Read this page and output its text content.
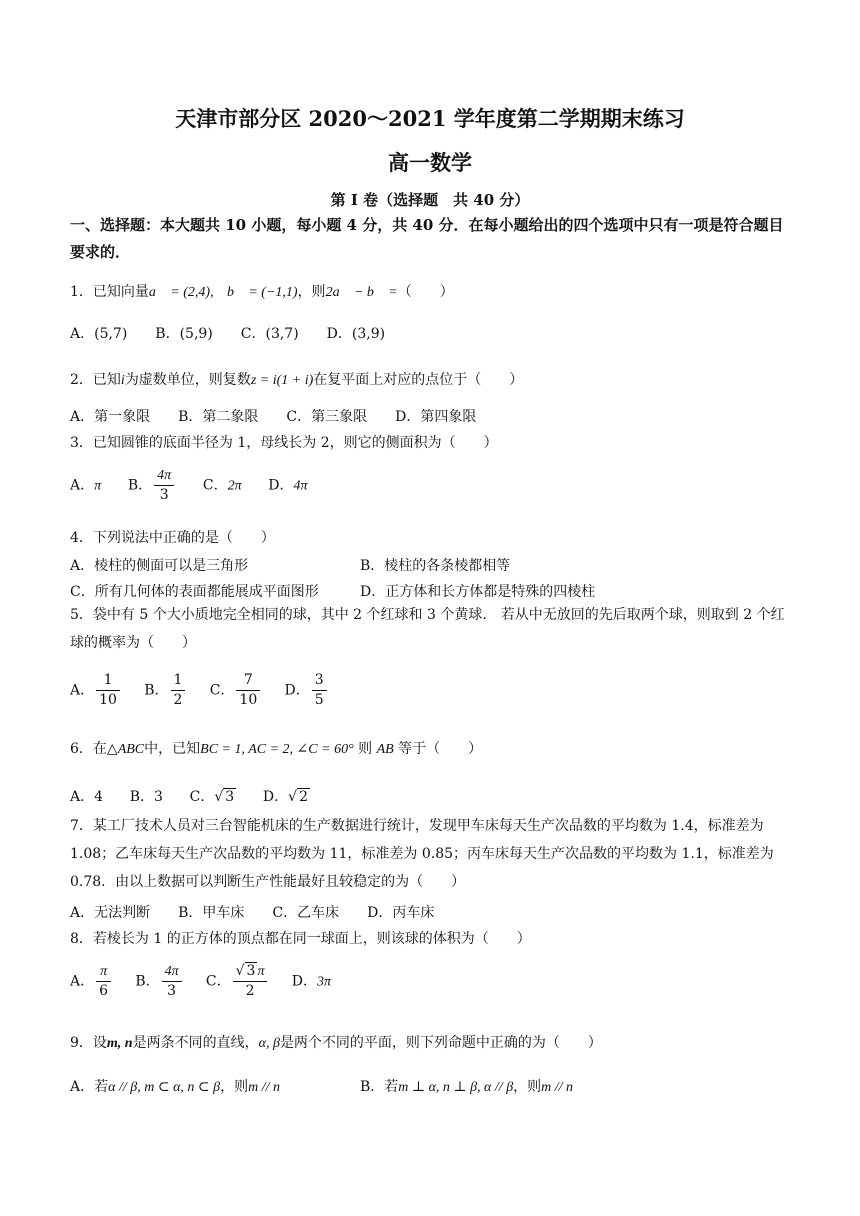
天津市部分区 2020～2021 学年度第二学期期末练习
高一数学
第 I 卷（选择题　共 40 分）
一、选择题：本大题共 10 小题，每小题 4 分，共 40 分．在每小题给出的四个选项中只有一项是符合题目要求的．
1．已知向量a⃗ = (2,4), b⃗ = (−1,1)，则2a⃗ − b⃗ =（　　）
A．(5,7)　　B．(5,9)　　C．(3,7)　　D．(3,9)
2．已知i为虚数单位，则复数z = i(1 + i)在复平面上对应的点位于（　　）
A．第一象限　　B．第二象限　　C．第三象限　　D．第四象限
3．已知圆锥的底面半径为 1，母线长为 2，则它的侧面积为（　　）
A．π B． $\frac{4\pi}{3}$ C．2π D．4π
4．下列说法中正确的是（　　）
A．棱柱的侧面可以是三角形	B．棱柱的各条棱都相等
C．所有几何体的表面都能展成平面图形	D．正方体和长方体都是特殊的四棱柱
5．袋中有 5 个大小质地完全相同的球，其中 2 个红球和 3 个黄球． 若从中无放回的先后取两个球，则取到 2 个红球的概率为（　　）
A． $\frac{1}{10}$ B． $\frac{1}{2}$ C． $\frac{7}{10}$ D． $\frac{3}{5}$
6．在△ABC中，已知BC = 1, AC = 2, ∠C = 60° 则 AB 等于（　　）
A．4 B．3 C．√ 3 D．√ 2
7．某工厂技术人员对三台智能机床的生产数据进行统计，发现甲车床每天生产次品数的平均数为 1.4，标准差为 1.08；乙车床每天生产次品数的平均数为 11，标准差为 0.85；丙车床每天生产次品数的平均数为 1.1，标准差为 0.78．由以上数据可以判断生产性能最好且较稳定的为（　　）
A．无法判断　　B．甲车床　　C．乙车床　　D．丙车床
8．若棱长为 1 的正方体的顶点都在同一球面上，则该球的体积为（　　）
A． $\frac{\pi}{6}$ B． $\frac{4\pi}{3}$ C． $\frac{√ 3 \pi}{2}$ D．3π
9．设m, n是两条不同的直线，α, β是两个不同的平面，则下列命题中正确的为（　　）
A．若α // β, m ⊂ α, n ⊂ β，则m // n	B．若m ⊥ α, n ⊥ β, α // β，则m // n
